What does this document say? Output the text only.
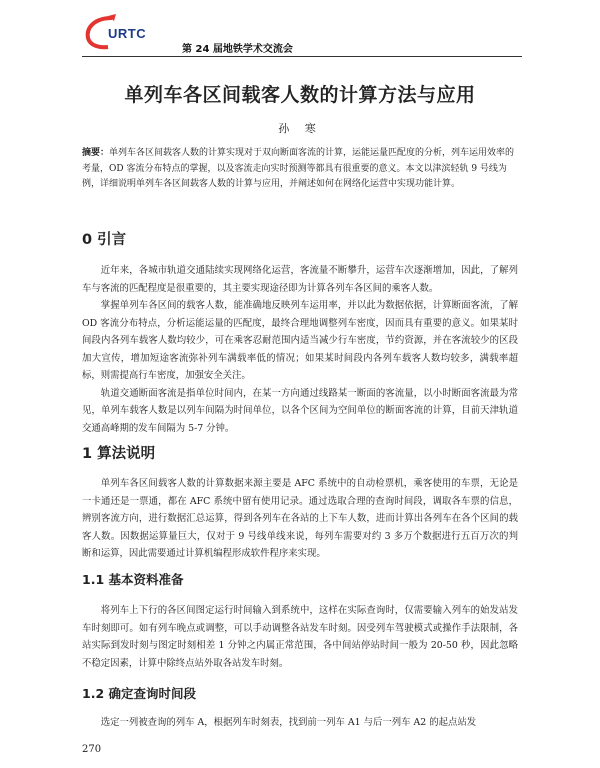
URTC
第 24 届地铁学术交流会
单列车各区间载客人数的计算方法与应用
孙 寒
摘要：单列车各区间载客人数的计算实现对于双向断面客流的计算，运能运量匹配度的分析，列车运用效率的考量，OD 客流分布特点的掌握，以及客流走向实时预测等都具有很重要的意义。本文以津滨轻轨 9 号线为例，详细说明单列车各区间载客人数的计算与应用，并阐述如何在网络化运营中实现功能计算。
0 引言

近年来，各城市轨道交通陆续实现网络化运营，客流量不断攀升，运营车次逐渐增加，因此，了解列车与客流的匹配程度是很重要的，其主要实现途径即为计算各列车各区间的乘客人数。

掌握单列车各区间的载客人数，能准确地反映列车运用率，并以此为数据依据，计算断面客流，了解 OD 客流分布特点，分析运能运量的匹配度，最终合理地调整列车密度，因而具有重要的意义。如果某时间段内各列车载客人数均较少，可在乘客忍耐范围内适当减少行车密度，节约资源，并在客流较少的区段加大宣传，增加短途客流弥补列车满载率低的情况；如果某时间段内各列车载客人数均较多，满载率超标，则需提高行车密度，加强安全关注。

轨道交通断面客流是指单位时间内，在某一方向通过线路某一断面的客流量，以小时断面客流最为常见，单列车载客人数是以列车间隔为时间单位，以各个区间为空间单位的断面客流的计算，目前天津轨道交通高峰期的发车间隔为 5-7 分钟。

1 算法说明

单列车各区间载客人数的计算数据来源主要是 AFC 系统中的自动检票机，乘客使用的车票，无论是一卡通还是一票通，都在 AFC 系统中留有使用记录。通过选取合理的查询时间段，调取各车票的信息，辨别客流方向，进行数据汇总运算，得到各列车在各站的上下车人数，进而计算出各列车在各个区间的载客人数。因数据运算量巨大，仅对于 9 号线单线来说，每列车需要对约 3 多万个数据进行五百万次的判断和运算，因此需要通过计算机编程形成软件程序来实现。

1.1 基本资料准备

将列车上下行的各区间图定运行时间输入到系统中，这样在实际查询时，仅需要输入列车的始发站发车时刻即可。如有列车晚点或调整，可以手动调整各站发车时刻。因受列车驾驶模式或操作手法限制，各站实际到发时刻与图定时刻相差 1 分钟之内属正常范围，各中间站停站时间一般为 20-50 秒，因此忽略不稳定因素，计算中除终点站外取各站发车时刻。

1.2 确定查询时间段

选定一列被查询的列车 A，根据列车时刻表，找到前一列车 A1 与后一列车 A2 的起点站发

270
